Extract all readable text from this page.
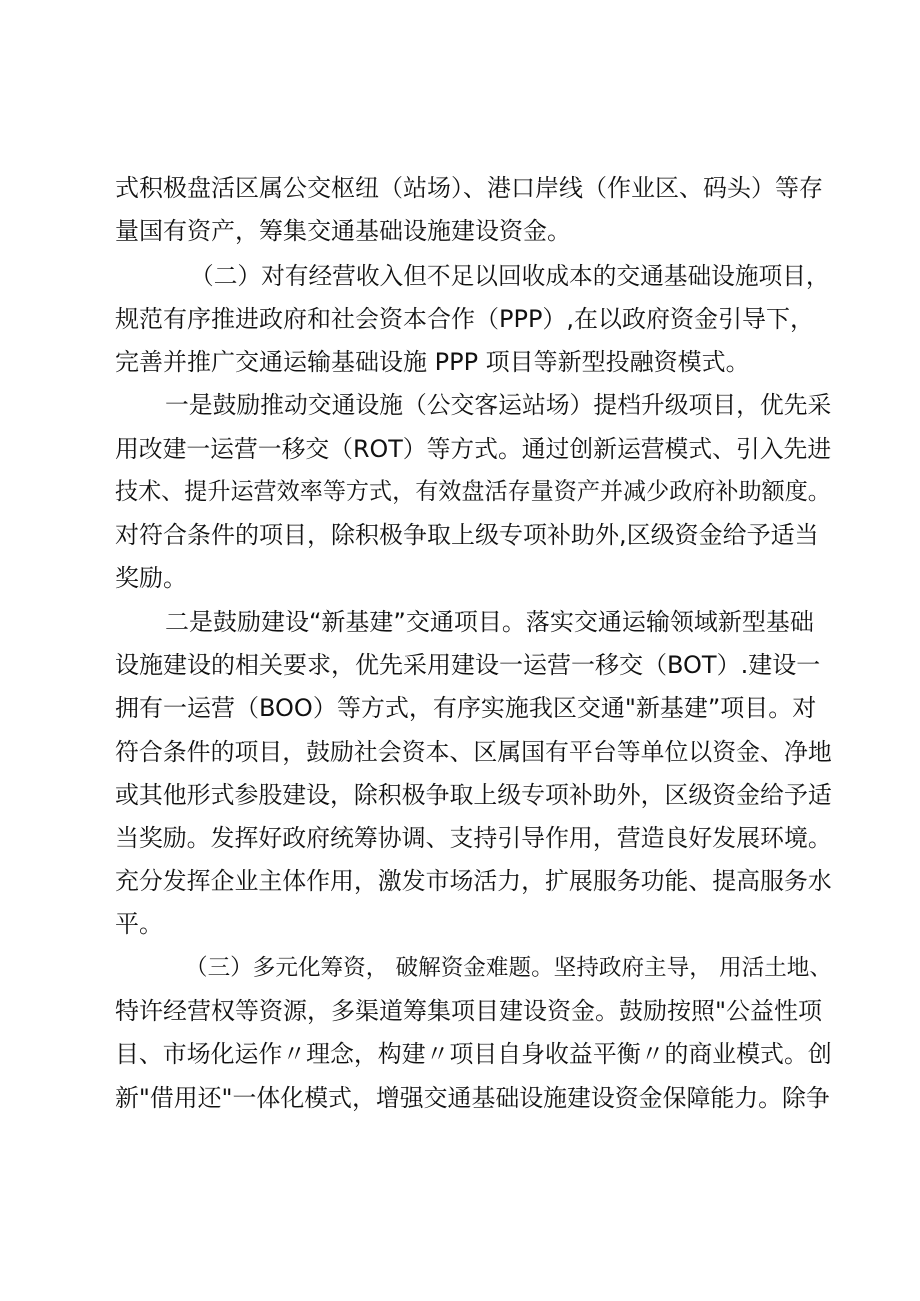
式积极盘活区属公交枢纽（站场）、港口岸线（作业区、码头）等存

量国有资产，筹集交通基础设施建设资金。

（二）对有经营收入但不足以回收成本的交通基础设施项目，

规范有序推进政府和社会资本合作（PPP）,在以政府资金引导下，

完善并推广交通运输基础设施 PPP 项目等新型投融资模式。

一是鼓励推动交通设施（公交客运站场）提档升级项目，优先采

用改建一运营一移交（ROT）等方式。通过创新运营模式、引入先进

技术、提升运营效率等方式，有效盘活存量资产并减少政府补助额度。

对符合条件的项目，除积极争取上级专项补助外,区级资金给予适当

奖励。

二是鼓励建设“新基建”交通项目。落实交通运输领域新型基础

设施建设的相关要求，优先采用建设一运营一移交（BOT）.建设一

拥有一运营（BOO）等方式，有序实施我区交通"新基建”项目。对

符合条件的项目，鼓励社会资本、区属国有平台等单位以资金、净地

或其他形式参股建设，除积极争取上级专项补助外，区级资金给予适

当奖励。发挥好政府统筹协调、支持引导作用，营造良好发展环境。

充分发挥企业主体作用，激发市场活力，扩展服务功能、提高服务水

平。

（三）多元化筹资， 破解资金难题。坚持政府主导， 用活土地、

特许经营权等资源，多渠道筹集项目建设资金。鼓励按照"公益性项

目、市场化运作〃理念，构建〃项目自身收益平衡〃的商业模式。创

新"借用还"一体化模式，增强交通基础设施建设资金保障能力。除争
